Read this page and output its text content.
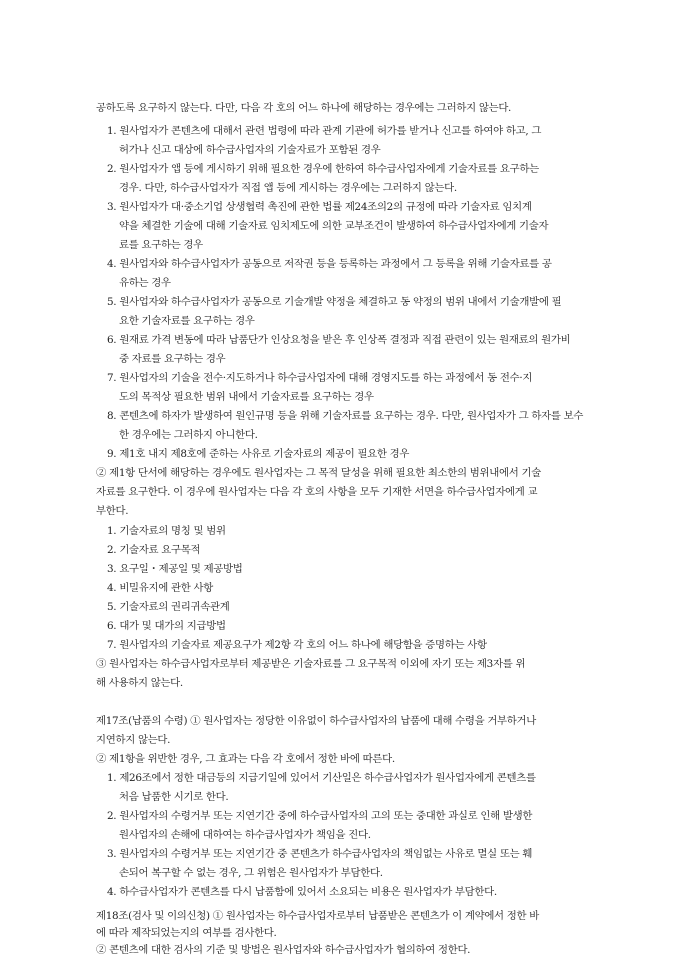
공하도록 요구하지 않는다. 다만, 다음 각 호의 어느 하나에 해당하는 경우에는 그러하지 않는다.
1. 원사업자가 콘텐츠에 대해서 관련 법령에 따라 관계 기관에 허가를 받거나 신고를 하여야 하고, 그
허가나 신고 대상에 하수급사업자의 기술자료가 포함된 경우
2. 원사업자가 앱 등에 게시하기 위해 필요한 경우에 한하여 하수급사업자에게 기술자료를 요구하는
경우. 다만, 하수급사업자가 직접 앱 등에 게시하는 경우에는 그러하지 않는다.
3. 원사업자가 대·중소기업 상생협력 촉진에 관한 법률 제24조의2의 규정에 따라 기술자료 임치계
약을 체결한 기술에 대해 기술자료 임치제도에 의한 교부조건이 발생하여 하수급사업자에게 기술자
료를 요구하는 경우
4. 원사업자와 하수급사업자가 공동으로 저작권 등을 등록하는 과정에서 그 등록을 위해 기술자료를 공
유하는 경우
5. 원사업자와 하수급사업자가 공동으로 기술개발 약정을 체결하고 동 약정의 범위 내에서 기술개발에 필
요한 기술자료를 요구하는 경우
6. 원재료 가격 변동에 따라 납품단가 인상요청을 받은 후 인상폭 결정과 직접 관련이 있는 원재료의 원가비
중 자료를 요구하는 경우
7. 원사업자의 기술을 전수·지도하거나 하수급사업자에 대해 경영지도를 하는 과정에서 동 전수·지
도의 목적상 필요한 범위 내에서 기술자료를 요구하는 경우
8. 콘텐츠에 하자가 발생하여 원인규명 등을 위해 기술자료를 요구하는 경우. 다만, 원사업자가 그 하자를 보수
한 경우에는 그러하지 아니한다.
9. 제1호 내지 제8호에 준하는 사유로 기술자료의 제공이 필요한 경우
② 제1항 단서에 해당하는 경우에도 원사업자는 그 목적 달성을 위해 필요한 최소한의 범위내에서 기술
자료를 요구한다. 이 경우에 원사업자는 다음 각 호의 사항을 모두 기재한 서면을 하수급사업자에게 교
부한다.
1. 기술자료의 명칭 및 범위
2. 기술자료 요구목적
3. 요구일・제공일 및 제공방법
4. 비밀유지에 관한 사항
5. 기술자료의 권리귀속관계
6. 대가 및 대가의 지급방법
7. 원사업자의 기술자료 제공요구가 제2항 각 호의 어느 하나에 해당함을 증명하는 사항
③ 원사업자는 하수급사업자로부터 제공받은 기술자료를 그 요구목적 이외에 자기 또는 제3자를 위
해 사용하지 않는다.
제17조(납품의 수령) ① 원사업자는 정당한 이유없이 하수급사업자의 납품에 대해 수령을 거부하거나
지연하지 않는다.
② 제1항을 위반한 경우, 그 효과는 다음 각 호에서 정한 바에 따른다.
1. 제26조에서 정한 대금등의 지급기일에 있어서 기산일은 하수급사업자가 원사업자에게 콘텐츠를
처음 납품한 시기로 한다.
2. 원사업자의 수령거부 또는 지연기간 중에 하수급사업자의 고의 또는 중대한 과실로 인해 발생한
원사업자의 손해에 대하여는 하수급사업자가 책임을 진다.
3. 원사업자의 수령거부 또는 지연기간 중 콘텐츠가 하수급사업자의 책임없는 사유로 멸실 또는 훼
손되어 복구할 수 없는 경우, 그 위험은 원사업자가 부담한다.
4. 하수급사업자가 콘텐츠를 다시 납품함에 있어서 소요되는 비용은 원사업자가 부담한다.
제18조(검사 및 이의신청) ① 원사업자는 하수급사업자로부터 납품받은 콘텐츠가 이 계약에서 정한 바
에 따라 제작되었는지의 여부를 검사한다.
② 콘텐츠에 대한 검사의 기준 및 방법은 원사업자와 하수급사업자가 협의하여 정한다.
